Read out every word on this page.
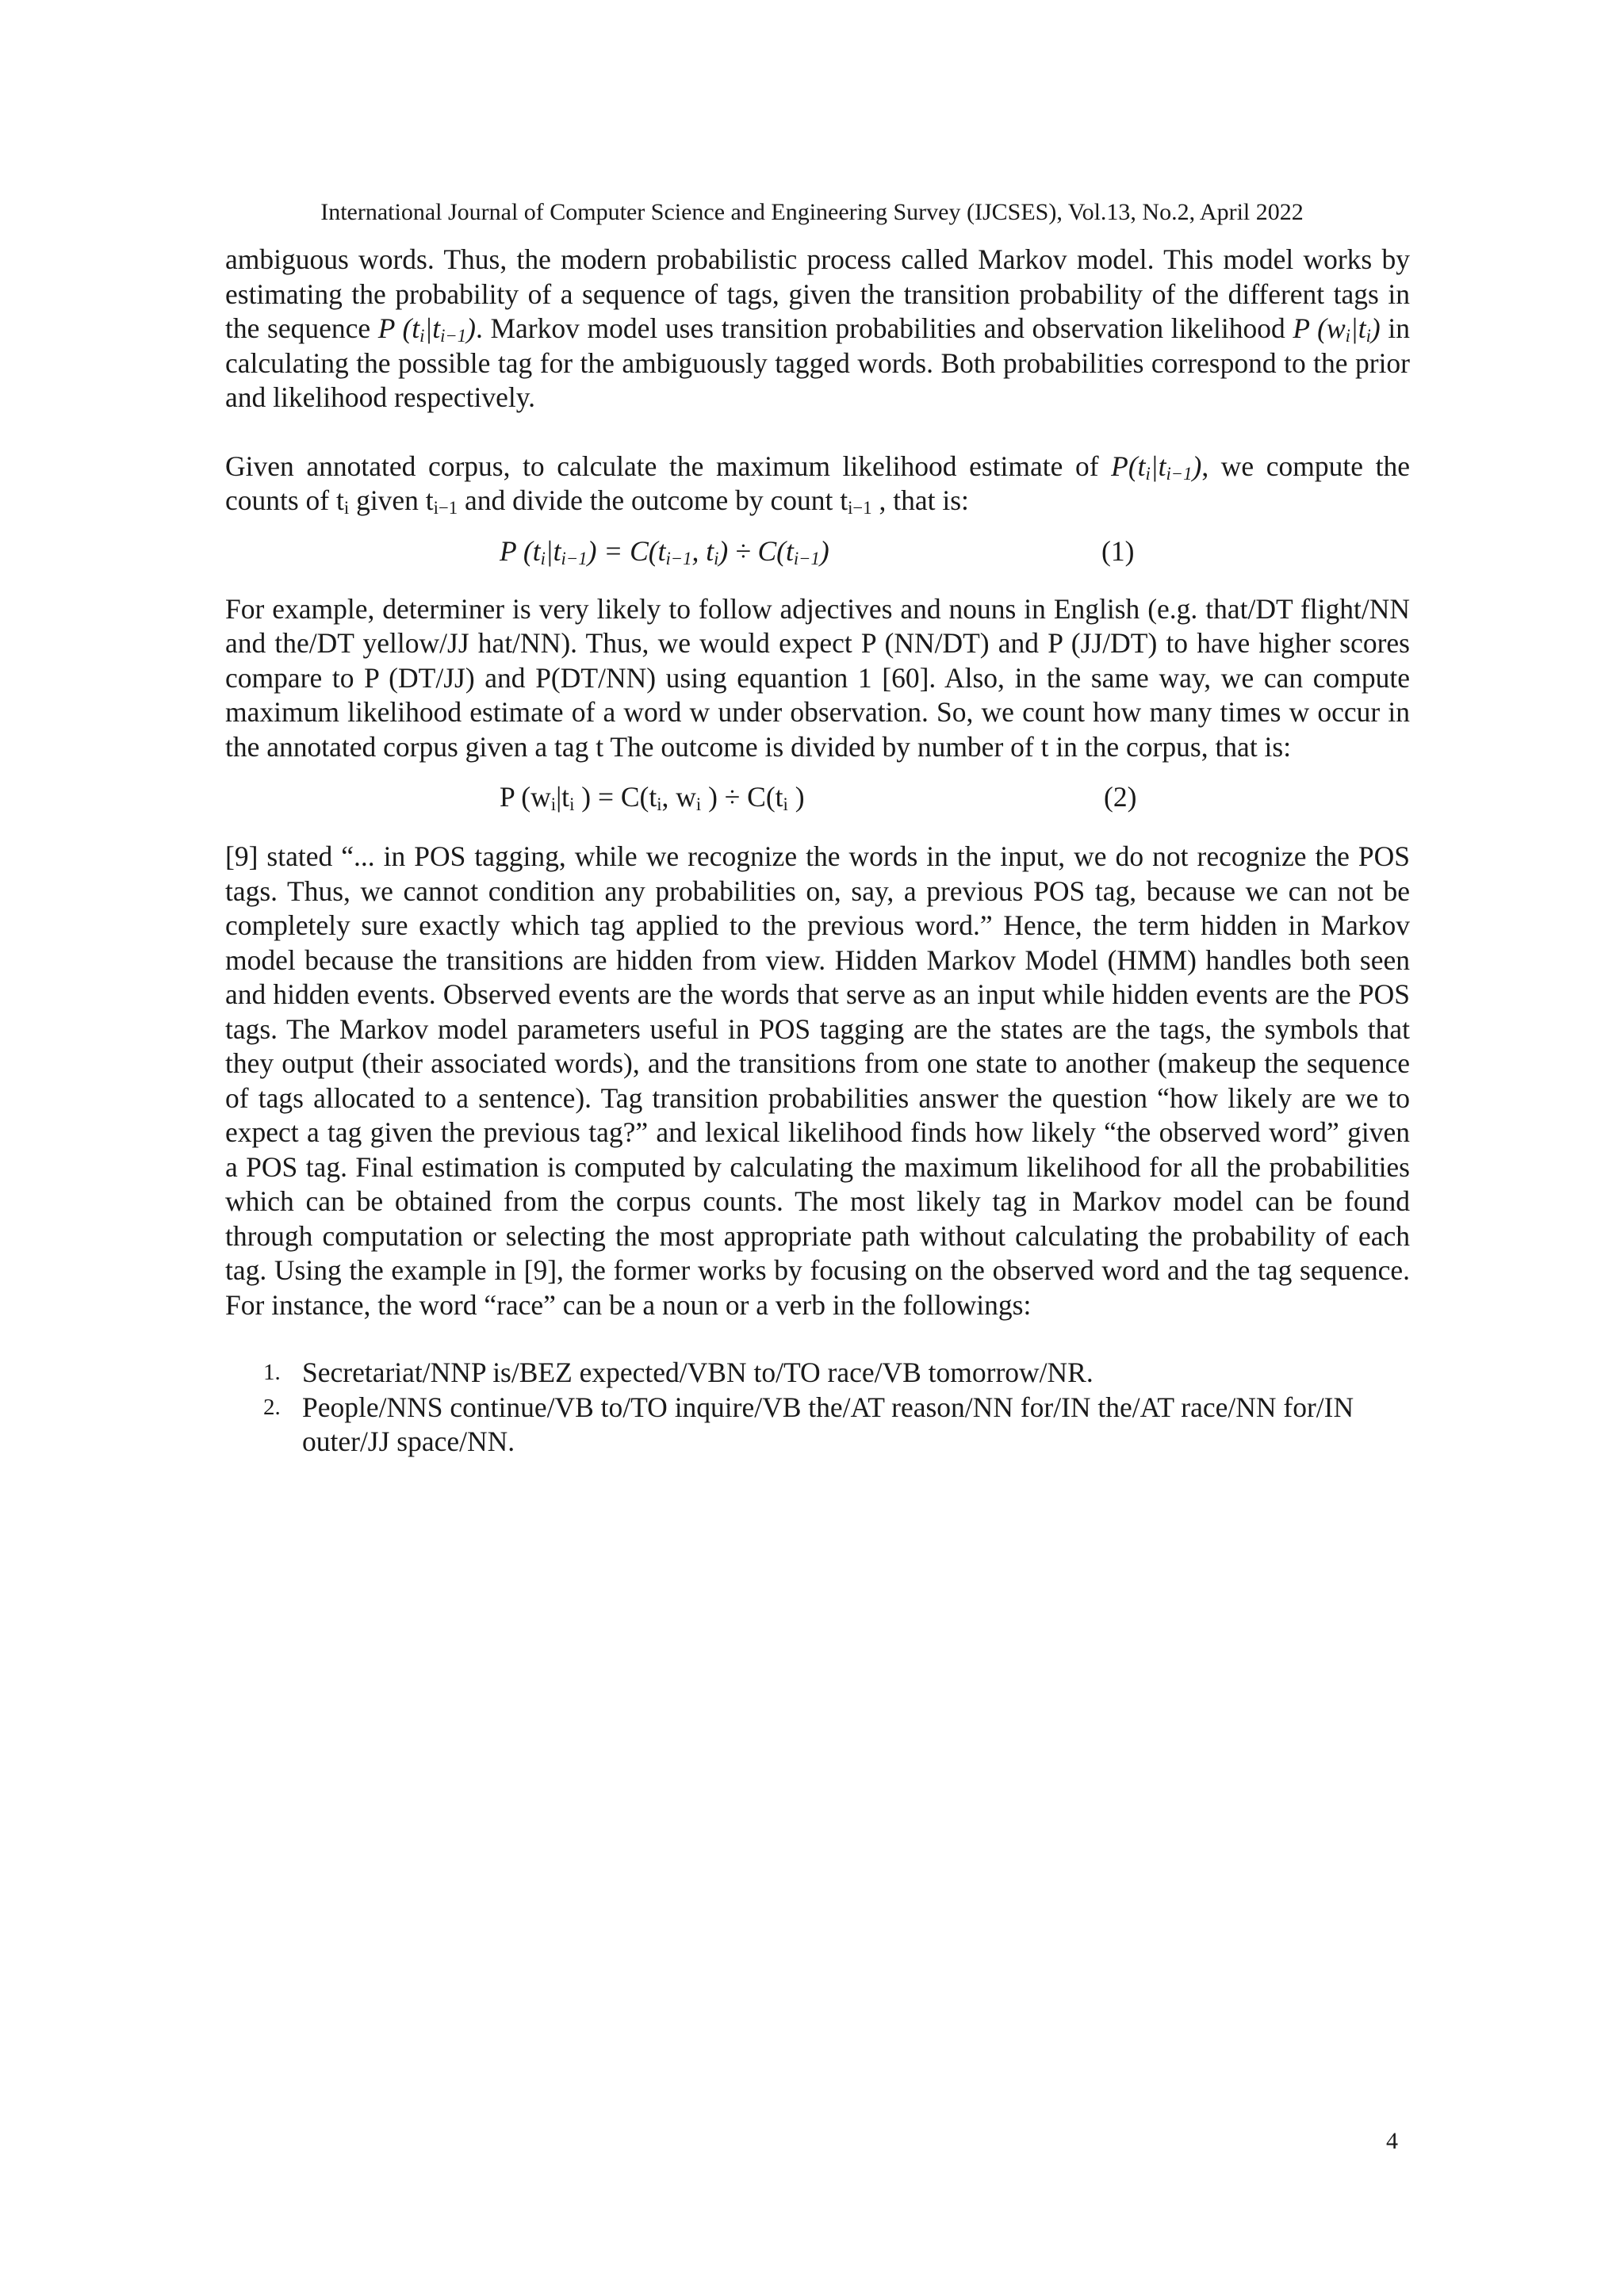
International Journal of Computer Science and Engineering Survey (IJCSES), Vol.13, No.2, April 2022

ambiguous words. Thus, the modern probabilistic process called Markov model. This model works by estimating the probability of a sequence of tags, given the transition probability of the different tags in the sequence P $(t_i|t_{i-1})$. Markov model uses transition probabilities and observation likelihood P $(w_i|t_i)$ in calculating the possible tag for the ambiguously tagged words. Both probabilities correspond to the prior and likelihood respectively.

Given annotated corpus, to calculate the maximum likelihood estimate of $P(t_i|t_{i-1})$, we compute the counts of $t_i$ given $t_{i-1}$ and divide the outcome by count $t_{i-1}$ , that is:

P $(t_i|t_{i-1}) = C(t_{i-1}$, $t_i) \div C(t_{i-1})$	(1)

For example, determiner is very likely to follow adjectives and nouns in English (e.g. that/DT flight/NN and the/DT yellow/JJ hat/NN). Thus, we would expect P (NN/DT) and P (JJ/DT) to have higher scores compare to P (DT/JJ) and P(DT/NN) using equantion 1 [60]. Also, in the same way, we can compute maximum likelihood estimate of a word w under observation. So, we count how many times w occur in the annotated corpus given a tag t The outcome is divided by number of t in the corpus, that is:

P ($w_i|t_i$ ) = $C(t_i$, $w_i$ ) ÷ $C(t_i$ )	(2)

[9] stated “... in POS tagging, while we recognize the words in the input, we do not recognize the POS tags. Thus, we cannot condition any probabilities on, say, a previous POS tag, because we can not be completely sure exactly which tag applied to the previous word.” Hence, the term hidden in Markov model because the transitions are hidden from view. Hidden Markov Model (HMM) handles both seen and hidden events. Observed events are the words that serve as an input while hidden events are the POS tags. The Markov model parameters useful in POS tagging are the states are the tags, the symbols that they output (their associated words), and the transitions from one state to another (makeup the sequence of tags allocated to a sentence). Tag transition probabilities answer the question “how likely are we to expect a tag given the previous tag?” and lexical likelihood finds how likely “the observed word” given a POS tag. Final estimation is computed by calculating the maximum likelihood for all the probabilities which can be obtained from the corpus counts. The most likely tag in Markov model can be found through computation or selecting the most appropriate path without calculating the probability of each tag. Using the example in [9], the former works by focusing on the observed word and the tag sequence. For instance, the word “race” can be a noun or a verb in the followings:

1. Secretariat/NNP is/BEZ expected/VBN to/TO race/VB tomorrow/NR.
2. People/NNS continue/VB to/TO inquire/VB the/AT reason/NN for/IN the/AT race/NN for/IN outer/JJ space/NN.
4
